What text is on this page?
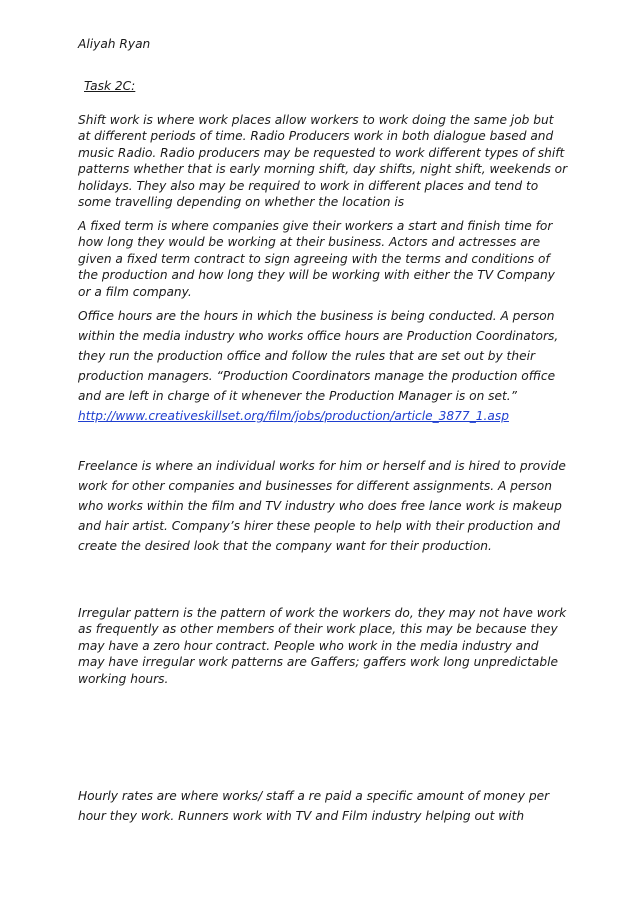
Aliyah Ryan

Task 2C:

Shift work is where work places allow workers to work doing the same job but at different periods of time. Radio Producers work in both dialogue based and music Radio. Radio producers may be requested to work different types of shift patterns whether that is early morning shift, day shifts, night shift, weekends or holidays. They also may be required to work in different places and tend to some travelling depending on whether the location is

A fixed term is where companies give their workers a start and finish time for how long they would be working at their business. Actors and actresses are given a fixed term contract to sign agreeing with the terms and conditions of the production and how long they will be working with either the TV Company or a film company.

Office hours are the hours in which the business is being conducted. A person within the media industry who works office hours are Production Coordinators, they run the production office and follow the rules that are set out by their production managers. “Production Coordinators manage the production office and are left in charge of it whenever the Production Manager is on set.” http://www.creativeskillset.org/film/jobs/production/article_3877_1.asp

Freelance is where an individual works for him or herself and is hired to provide work for other companies and businesses for different assignments. A person who works within the film and TV industry who does free lance work is makeup and hair artist. Company’s hirer these people to help with their production and create the desired look that the company want for their production.

Irregular pattern is the pattern of work the workers do, they may not have work as frequently as other members of their work place, this may be because they may have a zero hour contract. People who work in the media industry and may have irregular work patterns are Gaffers; gaffers work long unpredictable working hours.

Hourly rates are where works/ staff a re paid a specific amount of money per hour they work. Runners work with TV and Film industry helping out with
